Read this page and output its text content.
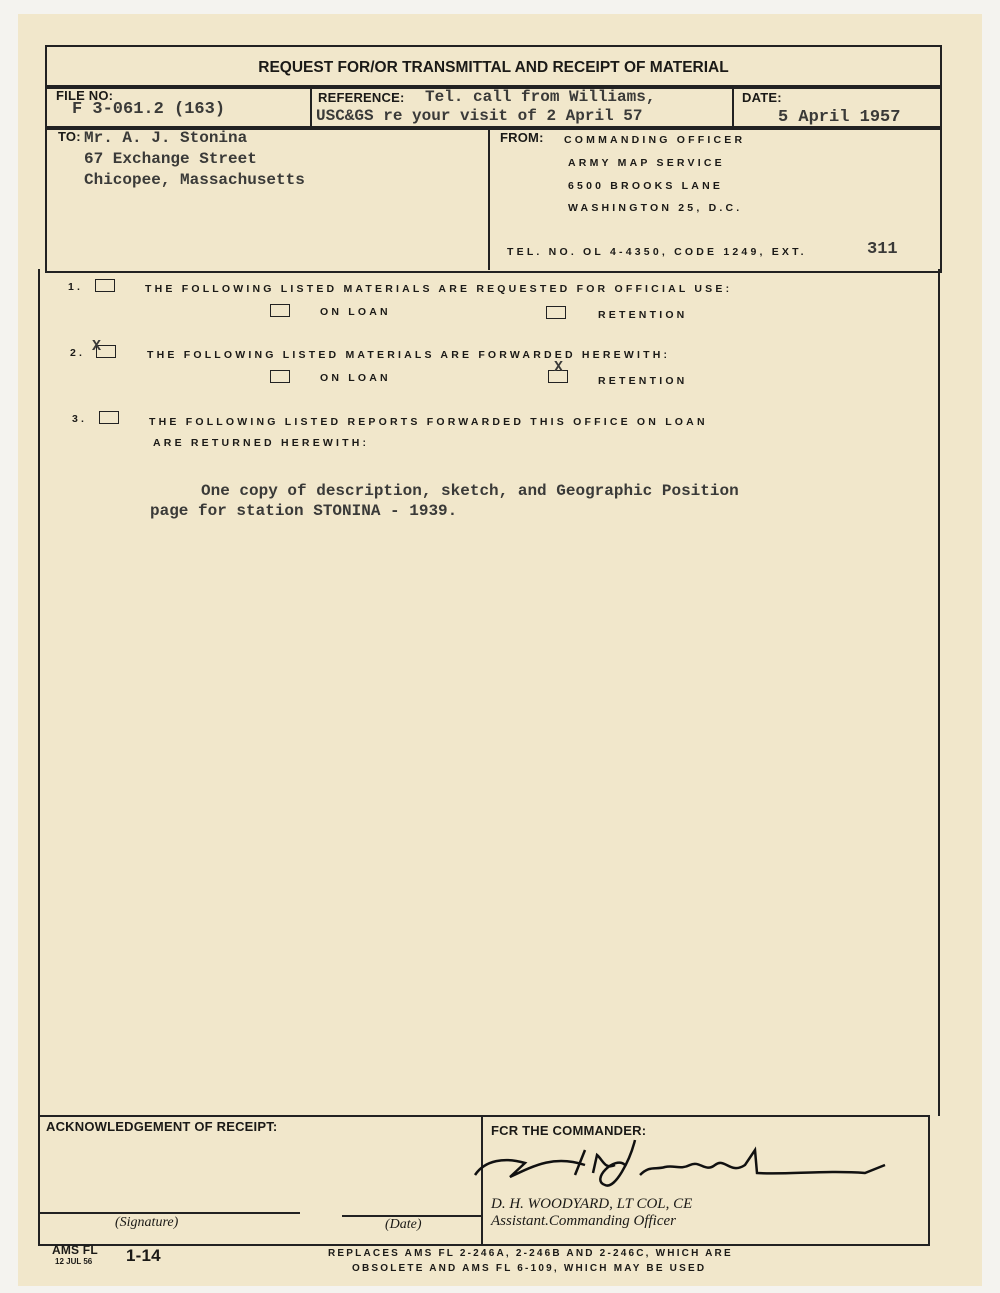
REQUEST FOR/OR TRANSMITTAL AND RECEIPT OF MATERIAL
FILE NO:
F 3-061.2 (163)
REFERENCE: Tel. call from Williams,
USC&GS re your visit of 2 April 57
DATE:
5 April 1957
TO: Mr. A. J. Stonina
67 Exchange Street
Chicopee, Massachusetts
FROM: COMMANDING OFFICER
ARMY MAP SERVICE
6500 BROOKS LANE
WASHINGTON 25, D.C.
TEL. NO. OL 4-4350, CODE 1249, EXT.	311
1.	THE FOLLOWING LISTED MATERIALS ARE REQUESTED FOR OFFICIAL USE:
ON LOAN	RETENTION
2. X	THE FOLLOWING LISTED MATERIALS ARE FORWARDED HEREWITH:
ON LOAN
X
RETENTION
3.	THE FOLLOWING LISTED REPORTS FORWARDED THIS OFFICE ON LOAN
ARE RETURNED HEREWITH:
One copy of description, sketch, and Geographic Position
page for station STONINA - 1939.
ACKNOWLEDGEMENT OF RECEIPT:
(Signature)	(Date)
FCR THE COMMANDER:
D. H. WOODYARD, LT COL, CE
Assistant.Commanding Officer
AMS FL
12 JUL 56 1-14	REPLACES AMS FL 2-246A, 2-246B AND 2-246C, WHICH ARE
OBSOLETE AND AMS FL 6-109, WHICH MAY BE USED
